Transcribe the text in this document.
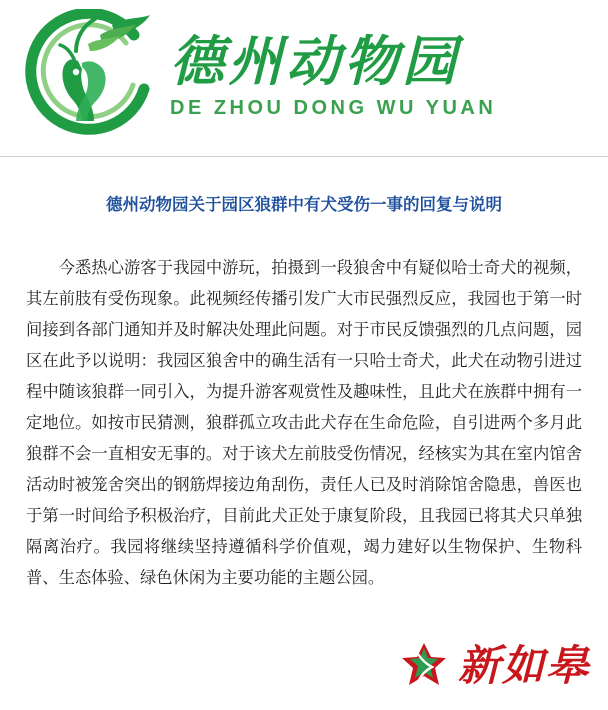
德州动物园
DE ZHOU DONG WU YUAN
德州动物园关于园区狼群中有犬受伤一事的回复与说明
今悉热心游客于我园中游玩，拍摄到一段狼舍中有疑似哈士奇犬的视频，其左前肢有受伤现象。此视频经传播引发广大市民强烈反应，我园也于第一时间接到各部门通知并及时解决处理此问题。对于市民反馈强烈的几点问题，园区在此予以说明：我园区狼舍中的确生活有一只哈士奇犬，此犬在动物引进过程中随该狼群一同引入，为提升游客观赏性及趣味性，且此犬在族群中拥有一定地位。如按市民猜测，狼群孤立攻击此犬存在生命危险，自引进两个多月此狼群不会一直相安无事的。对于该犬左前肢受伤情况，经核实为其在室内馆舍活动时被笼舍突出的钢筋焊接边角刮伤，责任人已及时消除馆舍隐患，兽医也于第一时间给予积极治疗，目前此犬正处于康复阶段，且我园已将其犬只单独隔离治疗。我园将继续坚持遵循科学价值观，竭力建好以生物保护、生物科普、生态体验、绿色休闲为主要功能的主题公园。
新如皋
